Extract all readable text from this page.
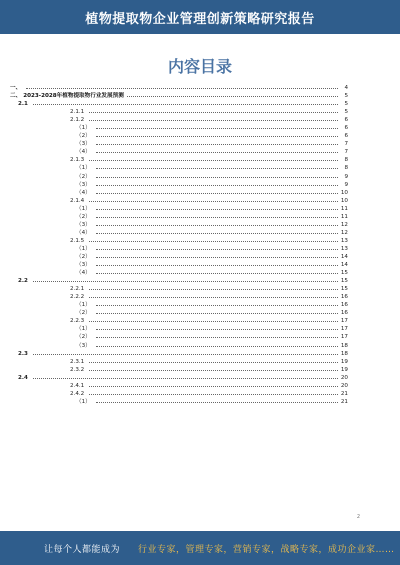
植物提取物企业管理创新策略研究报告
内容目录
一、	4
二、 2023-2028年植物提取物行业发展预测	5
2.1	5
2.1.1	5
2.1.2	6
（1）	6
（2）	6
（3）	7
（4）	7
2.1.3	8
（1）	8
（2）	9
（3）	9
（4）	10
2.1.4	10
（1）	11
（2）	11
（3）	12
（4）	12
2.1.5	13
（1）	13
（2）	14
（3）	14
（4）	15
2.2	15
2.2.1	15
2.2.2	16
（1）	16
（2）	16
2.2.3	17
（1）	17
（2）	17
（3）	18
2.3	18
2.3.1	19
2.3.2	19
2.4	20
2.4.1	20
2.4.2	21
（1）	21
2
让每个人都能成为 行业专家，管理专家，营销专家，战略专家，成功企业家……
